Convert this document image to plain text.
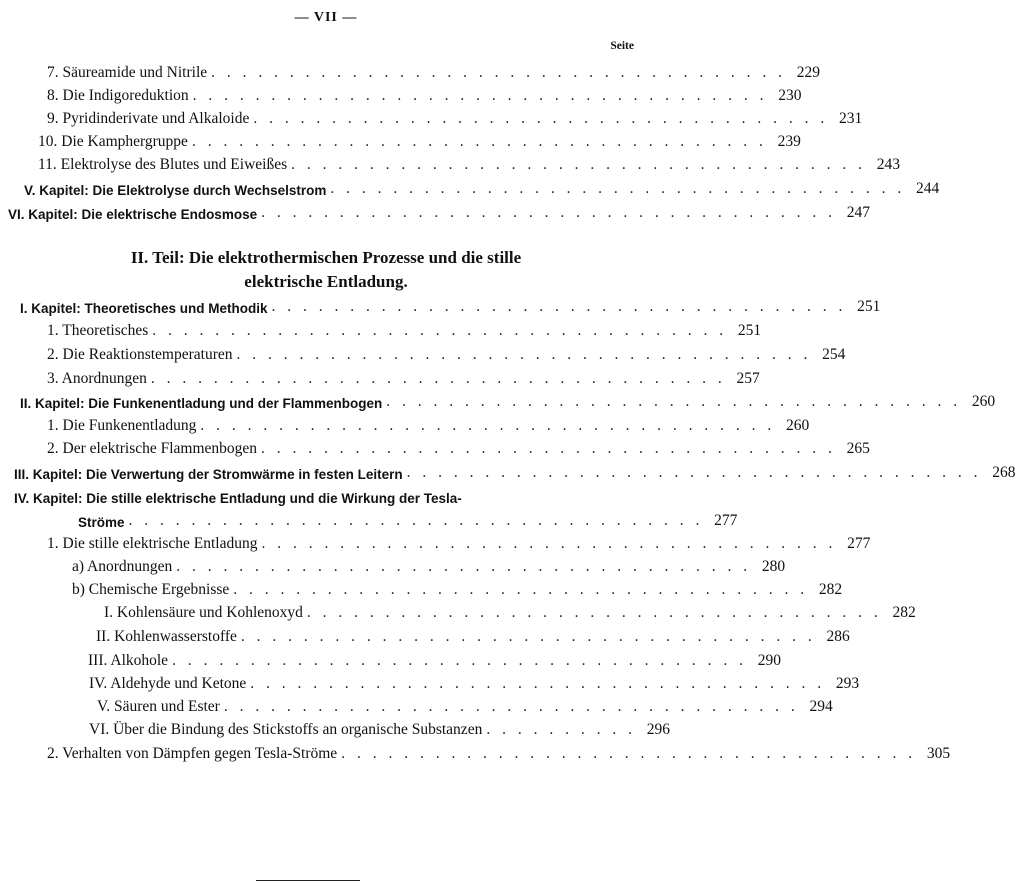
— VII —
Seite
7. Säureamide und Nitrile . . . . . . . . . . . . . . . . . . . . . . . . . . . . . . . . . . . . . 229
8. Die Indigoreduktion . . . . . . . . . . . . . . . . . . . . . . . . . . . . . . . . . . . . . 230
9. Pyridinderivate und Alkaloide . . . . . . . . . . . . . . . . . . . . . . . . . . . . . . . . . . . . . 231
10. Die Kamphergruppe . . . . . . . . . . . . . . . . . . . . . . . . . . . . . . . . . . . . . 239
11. Elektrolyse des Blutes und Eiweißes . . . . . . . . . . . . . . . . . . . . . . . . . . . . . . . . . . . . . 243
V. Kapitel: Die Elektrolyse durch Wechselstrom . . . . . . . . . . . . . . . . . . . . . . . . . . . . . . . . . . . . . 244
VI. Kapitel: Die elektrische Endosmose . . . . . . . . . . . . . . . . . . . . . . . . . . . . . . . . . . . . . 247
II. Teil: Die elektrothermischen Prozesse und die stille
elektrische Entladung.
I. Kapitel: Theoretisches und Methodik . . . . . . . . . . . . . . . . . . . . . . . . . . . . . . . . . . . . . 251
1. Theoretisches . . . . . . . . . . . . . . . . . . . . . . . . . . . . . . . . . . . . . 251
2. Die Reaktionstemperaturen . . . . . . . . . . . . . . . . . . . . . . . . . . . . . . . . . . . . . 254
3. Anordnungen . . . . . . . . . . . . . . . . . . . . . . . . . . . . . . . . . . . . . 257
II. Kapitel: Die Funkenentladung und der Flammenbogen . . . . . . . . . . . . . . . . . . . . . . . . . . . . . . . . . . . . . 260
1. Die Funkenentladung . . . . . . . . . . . . . . . . . . . . . . . . . . . . . . . . . . . . . 260
2. Der elektrische Flammenbogen . . . . . . . . . . . . . . . . . . . . . . . . . . . . . . . . . . . . . 265
III. Kapitel: Die Verwertung der Stromwärme in festen Leitern . . . . . . . . . . . . . . . . . . . . . . . . . . . . . . . . . . . . . 268
IV. Kapitel: Die stille elektrische Entladung und die Wirkung der Tesla-
Ströme . . . . . . . . . . . . . . . . . . . . . . . . . . . . . . . . . . . . . 277
1. Die stille elektrische Entladung . . . . . . . . . . . . . . . . . . . . . . . . . . . . . . . . . . . . . 277
a) Anordnungen . . . . . . . . . . . . . . . . . . . . . . . . . . . . . . . . . . . . . 280
b) Chemische Ergebnisse . . . . . . . . . . . . . . . . . . . . . . . . . . . . . . . . . . . . . 282
I. Kohlensäure und Kohlenoxyd . . . . . . . . . . . . . . . . . . . . . . . . . . . . . . . . . . . . . 282
II. Kohlenwasserstoffe . . . . . . . . . . . . . . . . . . . . . . . . . . . . . . . . . . . . . 286
III. Alkohole . . . . . . . . . . . . . . . . . . . . . . . . . . . . . . . . . . . . . 290
IV. Aldehyde und Ketone . . . . . . . . . . . . . . . . . . . . . . . . . . . . . . . . . . . . . 293
V. Säuren und Ester . . . . . . . . . . . . . . . . . . . . . . . . . . . . . . . . . . . . . 294
VI. Über die Bindung des Stickstoffs an organische Substanzen . . . . . . . . . . 296
2. Verhalten von Dämpfen gegen Tesla-Ströme . . . . . . . . . . . . . . . . . . . . . . . . . . . . . . . . . . . . . 305
